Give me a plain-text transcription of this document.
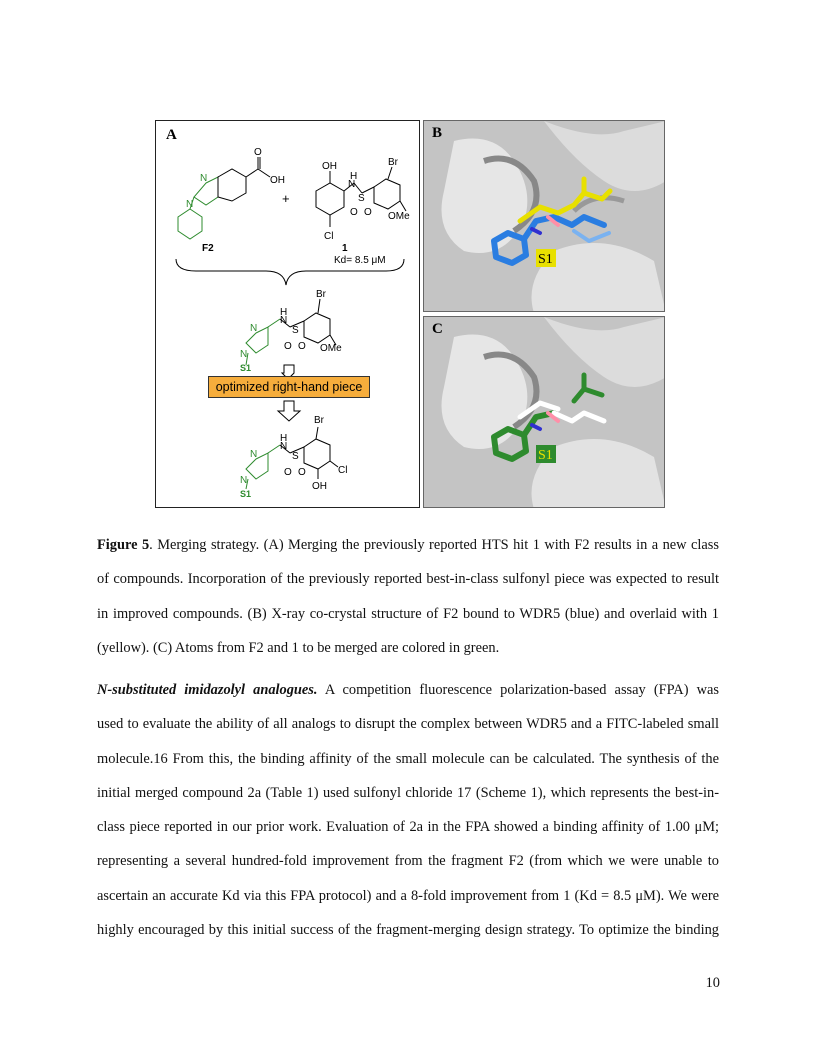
N
N
O
OH
F2
+
OH
Cl
H
N
S
O O
Br
OMe
1
Kd= 8.5 μM
N
N
S1
H
N
S
O O
Br
OMe
N
N
S1
H
N
S
O O
Br
Cl
OH
optimized right-hand piece
A
S1
B
S1
C
Figure 5. Merging strategy. (A) Merging the previously reported HTS hit 1 with F2 results in a new class
of compounds. Incorporation of the previously reported best-in-class sulfonyl piece was expected to result
in improved compounds. (B) X-ray co-crystal structure of F2 bound to WDR5 (blue) and overlaid with 1
(yellow). (C) Atoms from F2 and 1 to be merged are colored in green.
N-substituted imidazolyl analogues. A competition fluorescence polarization-based assay (FPA) was
used to evaluate the ability of all analogs to disrupt the complex between WDR5 and a FITC-labeled small
molecule.16 From this, the binding affinity of the small molecule can be calculated. The synthesis of the
initial merged compound 2a (Table 1) used sulfonyl chloride 17 (Scheme 1), which represents the best-in-
class piece reported in our prior work. Evaluation of 2a in the FPA showed a binding affinity of 1.00 μM;
representing a several hundred-fold improvement from the fragment F2 (from which we were unable to
ascertain an accurate Kd via this FPA protocol) and a 8-fold improvement from 1 (Kd = 8.5 μM). We were
highly encouraged by this initial success of the fragment-merging design strategy. To optimize the binding
10
